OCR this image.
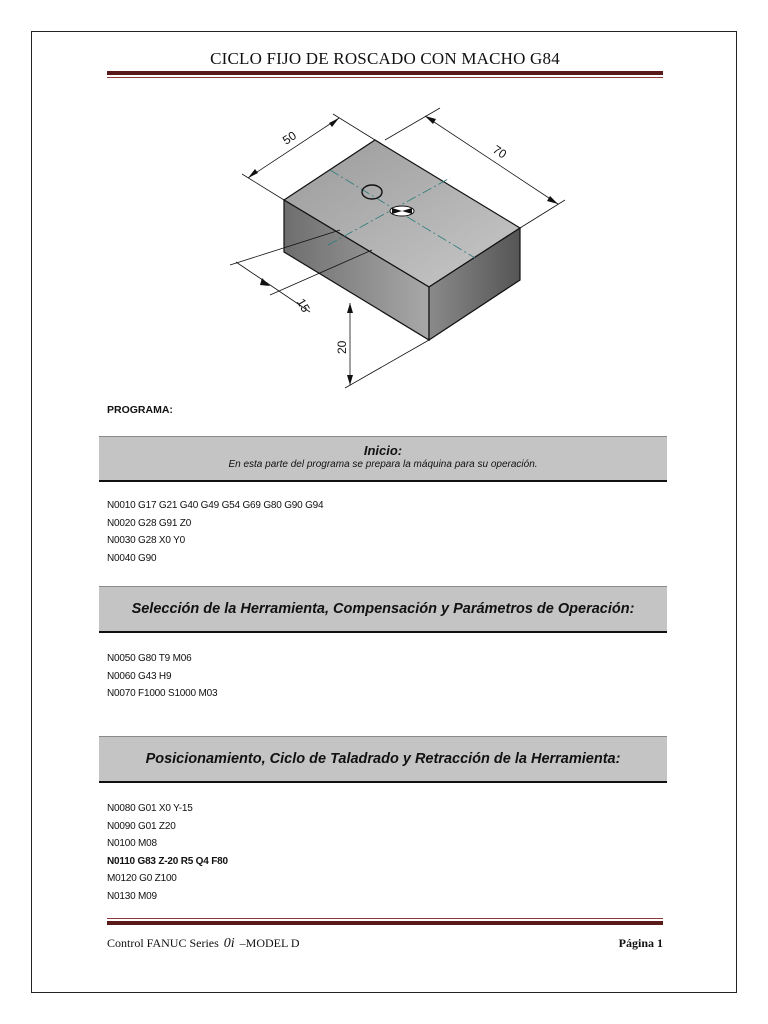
CICLO FIJO DE ROSCADO CON MACHO G84
50
70
15
20
PROGRAMA:
Inicio:
En esta parte del programa se prepara la máquina para su operación.
N0010 G17 G21 G40 G49 G54 G69 G80 G90 G94
N0020 G28 G91 Z0
N0030 G28 X0 Y0
N0040 G90
Selección de la Herramienta, Compensación y Parámetros de Operación:
N0050 G80 T9 M06
N0060 G43 H9
N0070 F1000 S1000 M03
Posicionamiento, Ciclo de Taladrado y Retracción de la Herramienta:
N0080 G01 X0 Y-15
N0090 G01 Z20
N0100 M08
N0110 G83 Z-20 R5 Q4 F80
M0120 G0 Z100
N0130 M09
Control FANUC Series 0i –MODEL D	Página 1
